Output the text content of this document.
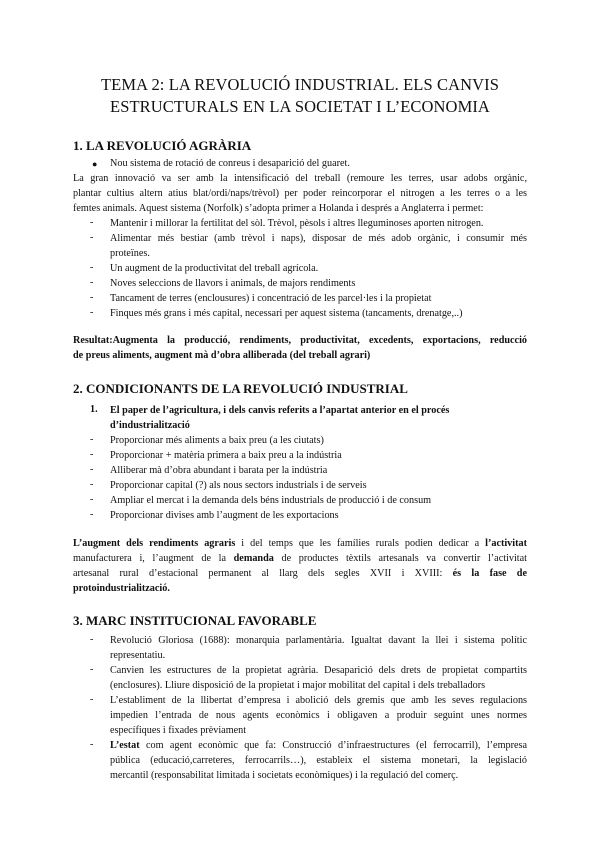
TEMA 2: LA REVOLUCIÓ INDUSTRIAL. ELS CANVIS
ESTRUCTURALS EN LA SOCIETAT I L’ECONOMIA
1. LA REVOLUCIÓ AGRÀRIA
● Nou sistema de rotació de conreus i desaparició del guaret.
La gran innovació va ser amb la intensificació del treball (remoure les terres, usar adobs orgànic,
plantar cultius altern atius blat/ordi/naps/trèvol) per poder reincorporar el nitrogen a les terres o a les
femtes animals. Aquest sistema (Norfolk) s’adopta primer a Holanda i després a Anglaterra i permet:
- Mantenir i millorar la fertilitat del sòl. Trèvol, pèsols i altres lleguminoses aporten nitrogen.
- Alimentar més bestiar (amb trèvol i naps), disposar de més adob orgànic, i consumir més
proteïnes.
- Un augment de la productivitat del treball agrícola.
- Noves seleccions de llavors i animals, de majors rendiments
- Tancament de terres (enclousures) i concentració de les parcel·les i la propietat
- Finques més grans i més capital, necessari per aquest sistema (tancaments, drenatge,..)
Resultat:Augmenta la producció, rendiments, productivitat, excedents, exportacions, reducció
de preus aliments, augment mà d’obra alliberada (del treball agrari)
2. CONDICIONANTS DE LA REVOLUCIÓ INDUSTRIAL
1. El paper de l’agricultura, i dels canvis referits a l’apartat anterior en el procés
d’industrialització
- Proporcionar més aliments a baix preu (a les ciutats)
- Proporcionar + matèria primera a baix preu a la indústria
- Alliberar mà d’obra abundant i barata per la indústria
- Proporcionar capital (?) als nous sectors industrials i de serveis
- Ampliar el mercat i la demanda dels béns industrials de producció i de consum
- Proporcionar divises amb l’augment de les exportacions
L’augment dels rendiments agraris i del temps que les famílies rurals podien dedicar a l’activitat
manufacturera i, l’augment de la demanda de productes tèxtils artesanals va convertir l’activitat
artesanal rural d’estacional permanent al llarg dels segles XVII i XVIII: és la fase de
protoindustrialització.
3. MARC INSTITUCIONAL FAVORABLE
- Revolució Gloriosa (1688): monarquia parlamentària. Igualtat davant la llei i sistema polític
representatiu.
- Canvien les estructures de la propietat agrària. Desaparició dels drets de propietat compartits
(enclosures). Lliure disposició de la propietat i major mobilitat del capital i dels treballadors
- L’establiment de la llibertat d’empresa i abolició dels gremis que amb les seves regulacions
impedien l’entrada de nous agents econòmics i obligaven a produir seguint unes normes
específiques i fixades prèviament
- L’estat com agent econòmic que fa: Construcció d’infraestructures (el ferrocarril), l’empresa
pública (educació,carreteres, ferrocarrils…), estableix el sistema monetari, la legislació
mercantil (responsabilitat limitada i societats econòmiques) i la regulació del comerç.
